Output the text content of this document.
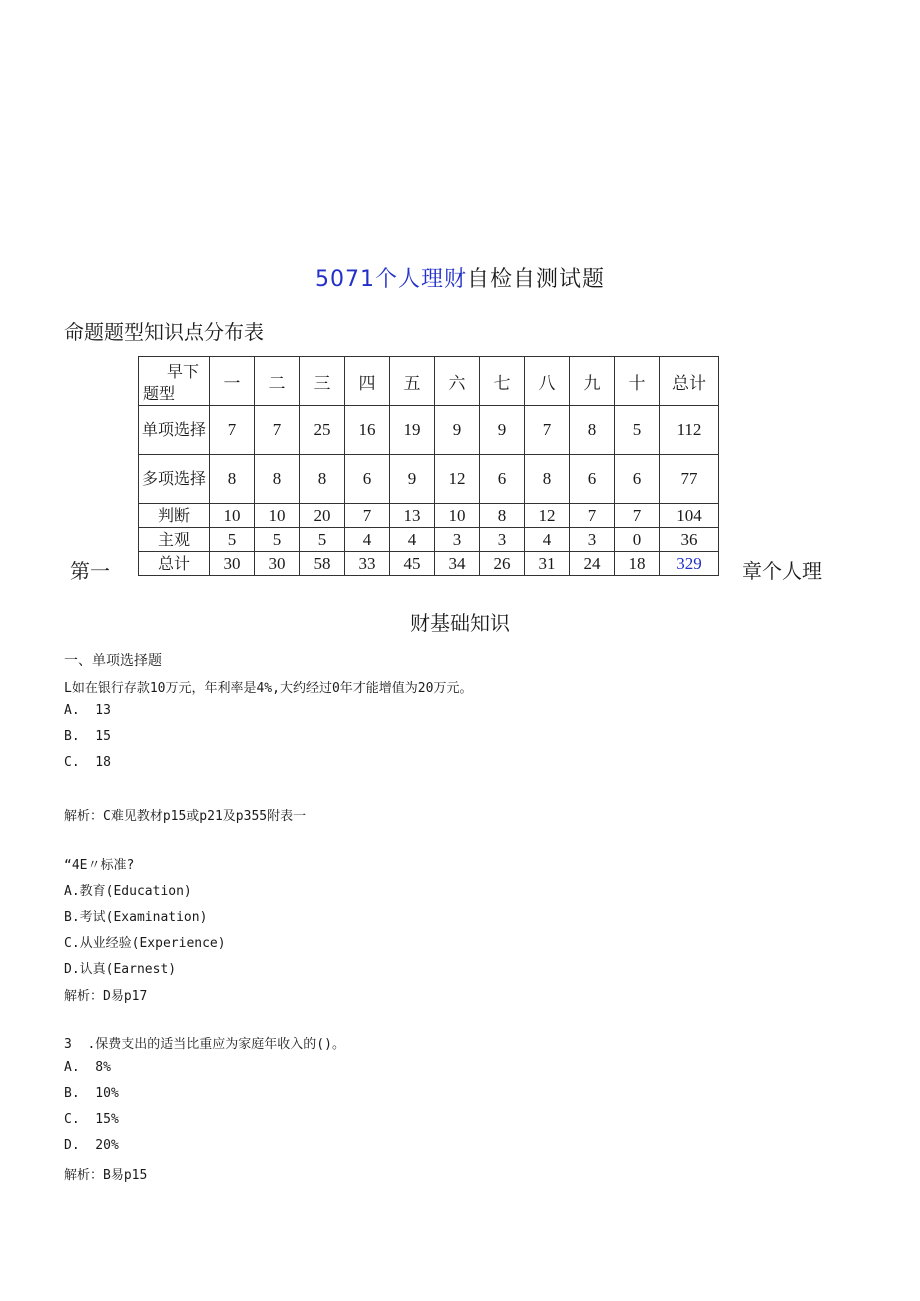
5071个人理财自检自测试题
命题题型知识点分布表
早下
题型	一	二	三	四	五	六	七	八	九	十	总计
单项选择	7	7	25	16	19	9	9	7	8	5	112
多项选择	8	8	8	6	9	12	6	8	6	6	77
判断	10	10	20	7	13	10	8	12	7	7	104
主观	5	5	5	4	4	3	3	4	3	0	36
总计	30	30	58	33	45	34	26	31	24	18	329
第一	章个人理
财基础知识
一、单项选择题
L如在银行存款10万元，年利率是4%,大约经过0年才能增值为20万元。
A.  13
B.  15
C.  18
解析：C难见教材p15或p21及p355附表一
“4E〃标准?
A.教育(Education)
B.考试(Examination)
C.从业经验(Experience)
D.认真(Earnest)
解析：D易p17
3  .保费支出的适当比重应为家庭年收入的()。
A.  8%
B.  10%
C.  15%
D.  20%
解析：B易p15
